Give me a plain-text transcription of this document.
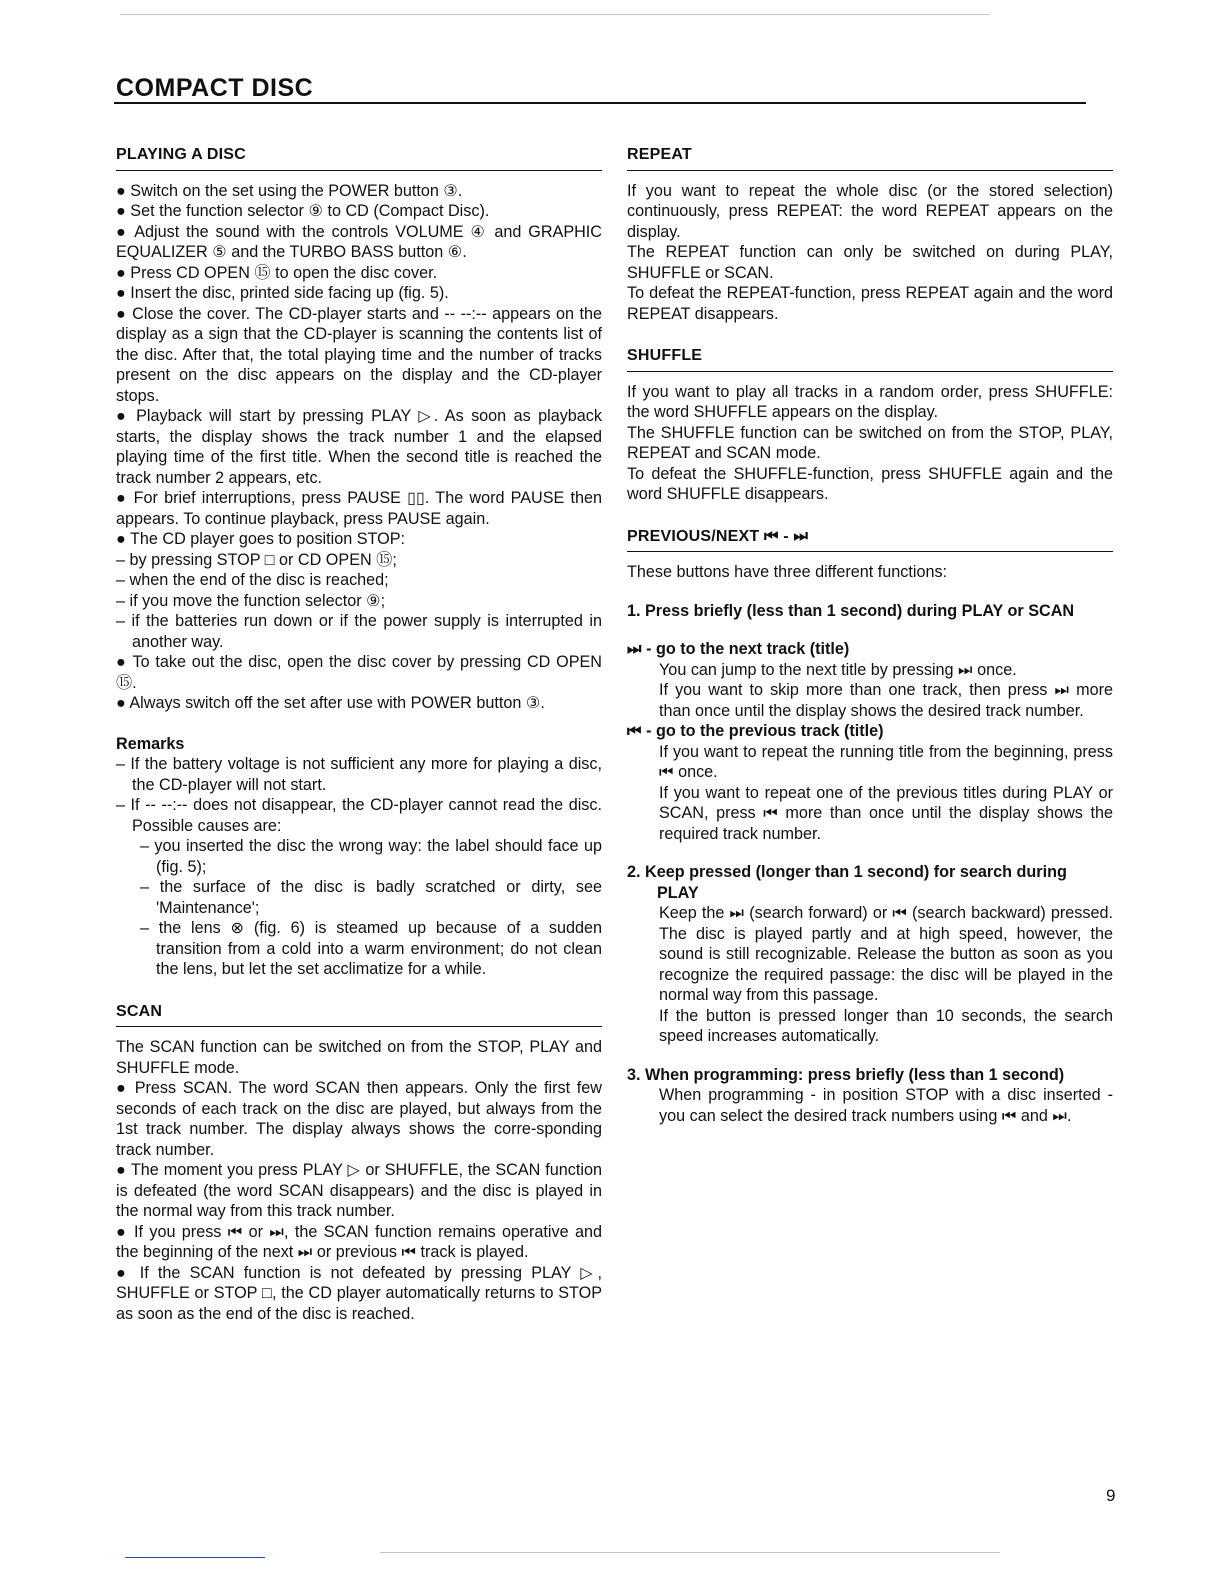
COMPACT DISC
PLAYING A DISC

● Switch on the set using the POWER button ③.

● Set the function selector ⑨ to CD (Compact Disc).

● Adjust the sound with the controls VOLUME ④ and GRAPHIC EQUALIZER ⑤ and the TURBO BASS button ⑥.

● Press CD OPEN ⑮ to open the disc cover.

● Insert the disc, printed side facing up (fig. 5).

● Close the cover. The CD-player starts and -- --:-- appears on the display as a sign that the CD-player is scanning the contents list of the disc. After that, the total playing time and the number of tracks present on the disc appears on the display and the CD-player stops.

● Playback will start by pressing PLAY ▷. As soon as playback starts, the display shows the track number 1 and the elapsed playing time of the first title. When the second title is reached the track number 2 appears, etc.

● For brief interruptions, press PAUSE ▯▯. The word PAUSE then appears. To continue playback, press PAUSE again.

● The CD player goes to position STOP:

– by pressing STOP □ or CD OPEN ⑮;

– when the end of the disc is reached;

– if you move the function selector ⑨;

– if the batteries run down or if the power supply is interrupted in another way.

● To take out the disc, open the disc cover by pressing CD OPEN ⑮.

● Always switch off the set after use with POWER button ③.

Remarks

– If the battery voltage is not sufficient any more for playing a disc, the CD-player will not start.

– If -- --:-- does not disappear, the CD-player cannot read the disc. Possible causes are:

– you inserted the disc the wrong way: the label should face up (fig. 5);

– the surface of the disc is badly scratched or dirty, see 'Maintenance';

– the lens ⊗ (fig. 6) is steamed up because of a sudden transition from a cold into a warm environment; do not clean the lens, but let the set acclimatize for a while.

SCAN

The SCAN function can be switched on from the STOP, PLAY and SHUFFLE mode.

● Press SCAN. The word SCAN then appears. Only the first few seconds of each track on the disc are played, but always from the 1st track number. The display always shows the corre-sponding track number.

● The moment you press PLAY ▷ or SHUFFLE, the SCAN function is defeated (the word SCAN disappears) and the disc is played in the normal way from this track number.

● If you press ⏮ or ⏭, the SCAN function remains operative and the beginning of the next ⏭ or previous ⏮ track is played.

● If the SCAN function is not defeated by pressing PLAY ▷, SHUFFLE or STOP □, the CD player automatically returns to STOP as soon as the end of the disc is reached.

REPEAT

If you want to repeat the whole disc (or the stored selection) continuously, press REPEAT: the word REPEAT appears on the display.

The REPEAT function can only be switched on during PLAY, SHUFFLE or SCAN.

To defeat the REPEAT-function, press REPEAT again and the word REPEAT disappears.

SHUFFLE

If you want to play all tracks in a random order, press SHUFFLE: the word SHUFFLE appears on the display.

The SHUFFLE function can be switched on from the STOP, PLAY, REPEAT and SCAN mode.

To defeat the SHUFFLE-function, press SHUFFLE again and the word SHUFFLE disappears.

PREVIOUS/NEXT ⏮ - ⏭

These buttons have three different functions:

1. Press briefly (less than 1 second) during PLAY or SCAN
⏭ - go to the next track (title)

You can jump to the next title by pressing ⏭ once.

If you want to skip more than one track, then press ⏭ more than once until the display shows the desired track number.

⏮ - go to the previous track (title)

If you want to repeat the running title from the beginning, press ⏮ once.

If you want to repeat one of the previous titles during PLAY or SCAN, press ⏮ more than once until the display shows the required track number.

2. Keep pressed (longer than 1 second) for search during PLAY

Keep the ⏭ (search forward) or ⏮ (search backward) pressed. The disc is played partly and at high speed, however, the sound is still recognizable. Release the button as soon as you recognize the required passage: the disc will be played in the normal way from this passage.

If the button is pressed longer than 10 seconds, the search speed increases automatically.

3. When programming: press briefly (less than 1 second)

When programming - in position STOP with a disc inserted - you can select the desired track numbers using ⏮ and ⏭.

9
